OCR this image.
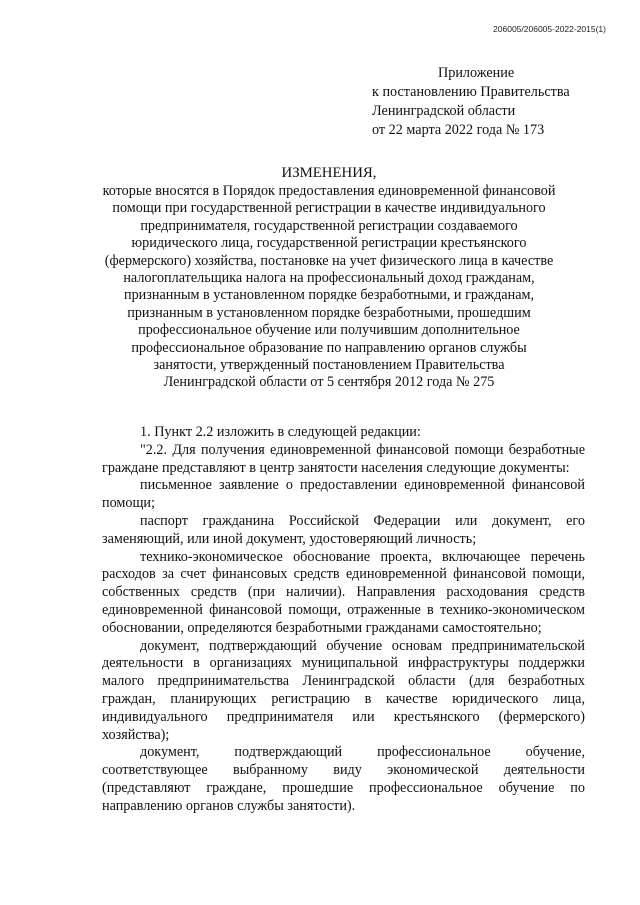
206005/206005-2022-2015(1)
Приложение
к постановлению Правительства
Ленинградской области
от 22 марта 2022 года № 173
ИЗМЕНЕНИЯ,
которые вносятся в Порядок предоставления единовременной финансовой
помощи при государственной регистрации в качестве индивидуального
предпринимателя, государственной регистрации создаваемого
юридического лица, государственной регистрации крестьянского
(фермерского) хозяйства, постановке на учет физического лица в качестве
налогоплательщика налога на профессиональный доход гражданам,
признанным в установленном порядке безработными, и гражданам,
признанным в установленном порядке безработными, прошедшим
профессиональное обучение или получившим дополнительное
профессиональное образование по направлению органов службы
занятости, утвержденный постановлением Правительства
Ленинградской области от 5 сентября 2012 года № 275

1. Пункт 2.2 изложить в следующей редакции:

"2.2. Для получения единовременной финансовой помощи безработные граждане представляют в центр занятости населения следующие документы:

письменное заявление о предоставлении единовременной финансовой помощи;

паспорт гражданина Российской Федерации или документ, его заменяющий, или иной документ, удостоверяющий личность;

технико-экономическое обоснование проекта, включающее перечень расходов за счет финансовых средств единовременной финансовой помощи, собственных средств (при наличии). Направления расходования средств единовременной финансовой помощи, отраженные в технико-экономическом обосновании, определяются безработными гражданами самостоятельно;

документ, подтверждающий обучение основам предпринимательской деятельности в организациях муниципальной инфраструктуры поддержки малого предпринимательства Ленинградской области (для безработных граждан, планирующих регистрацию в качестве юридического лица, индивидуального предпринимателя или крестьянского (фермерского) хозяйства);

документ, подтверждающий профессиональное обучение, соответствующее выбранному виду экономической деятельности (представляют граждане, прошедшие профессиональное обучение по направлению органов службы занятости).
